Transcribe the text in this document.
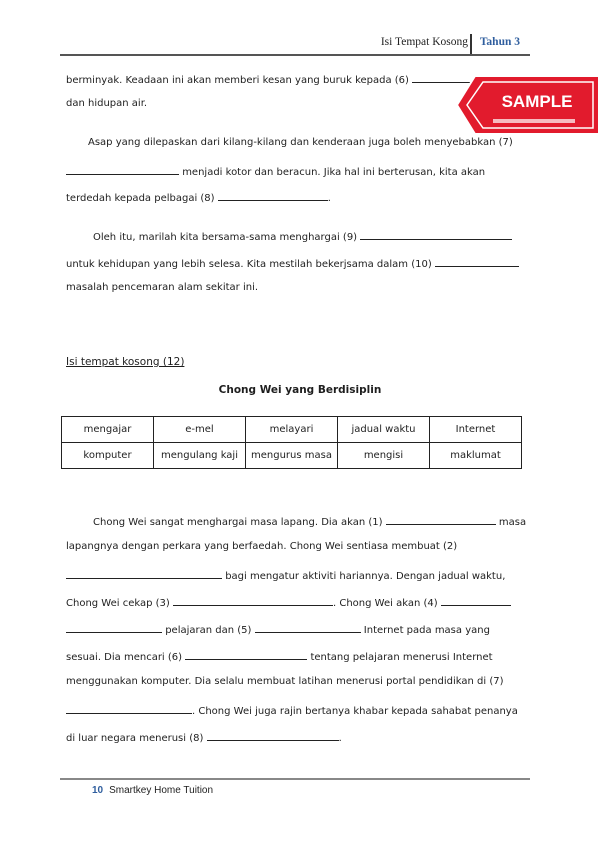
Isi Tempat Kosong Tahun 3
berminyak. Keadaan ini akan memberi kesan yang buruk kepada (6)
dan hidupan air.
Asap yang dilepaskan dari kilang-kilang dan kenderaan juga boleh menyebabkan (7)
menjadi kotor dan beracun. Jika hal ini berterusan, kita akan
terdedah kepada pelbagai (8)	.
Oleh itu, marilah kita bersama-sama menghargai (9)
untuk kehidupan yang lebih selesa. Kita mestilah bekerjsama dalam (10)
masalah pencemaran alam sekitar ini.
SAMPLE
Isi tempat kosong (12)
Chong Wei yang Berdisiplin
mengajar	e-mel	melayari	jadual waktu	Internet
komputer	mengulang kaji	mengurus masa	mengisi	maklumat
Chong Wei sangat menghargai masa lapang. Dia akan (1)	masa
lapangnya dengan perkara yang berfaedah. Chong Wei sentiasa membuat (2)
bagi mengatur aktiviti hariannya. Dengan jadual waktu,
Chong Wei cekap (3)	. Chong Wei akan (4)
pelajaran dan (5)	Internet pada masa yang
sesuai. Dia mencari (6)	tentang pelajaran menerusi Internet
menggunakan komputer. Dia selalu membuat latihan menerusi portal pendidikan di (7)
. Chong Wei juga rajin bertanya khabar kepada sahabat penanya
di luar negara menerusi (8)	.
10 Smartkey Home Tuition
